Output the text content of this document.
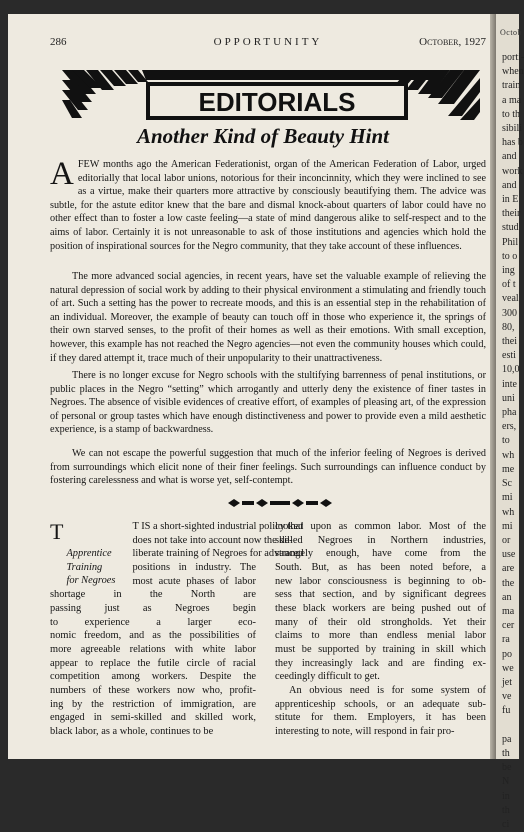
Octob
porti-
when
train
a ma
to th
sibili
has b
and
work
and
in E
their
stud
Phil
to o
ing
of t
veal
300
80,
thei
esti
10,0
inte
uni
pha
ers,
to
wh
me
Sc
mi
wh
mi
or
use
are
the
an
ma
cer
ra
po
we
jet
ve
fu

pa
th
be
N
in
th
ci
286	OPPORTUNITY	October, 1927
EDITORIALS
Another Kind of Beauty Hint

AFEW months ago the American Federationist, organ of the American Federation of Labor, urged editorially that local labor unions, notorious for their inconcinnity, which they were inclined to see as a virtue, make their quarters more attractive by consciously beautifying them. The advice was subtle, for the astute editor knew that the bare and dismal knock-about quarters of labor could have no other effect than to foster a low caste feeling—a state of mind dangerous alike to self-respect and to the aims of labor. Certainly it is not unreasonable to ask of those institutions and agencies which hold the position of inspirational sources for the Negro community, that they take account of these influences.

The more advanced social agencies, in recent years, have set the valuable example of relieving the natural depression of social work by adding to their physical environment a stimulating and friendly touch of art. Such a setting has the power to recreate moods, and this is an essential step in the rehabilitation of an individual. Moreover, the example of beauty can touch off in those who experience it, the springs of their own starved senses, to the profit of their homes as well as their emotions. With small exception, however, this example has not reached the Negro agencies—not even the community houses which could, if they dared attempt it, trace much of their unpopularity to their unattractiveness.

There is no longer excuse for Negro schools with the stultifying barrenness of penal institutions, or public places in the Negro “setting” which arrogantly and utterly deny the existence of finer tastes in Negroes. The absence of visible evidences of creative effort, of examples of pleasing art, of the expression of personal or group tastes which have enough distinctiveness and power to provide even a mild aesthetic experience, is a stamp of backwardness.

We can not escape the powerful suggestion that much of the inferior feeling of Negroes is derived from surroundings which elicit none of their finer feelings. Such surroundings can influence conduct by fostering carelessness and what is worse yet, self-contempt.

T
Apprentice
Training
for Negroes
T IS a short-sighted industrial policy that
does not take into account now the de-
liberate training of Negroes for advanced
positions in industry. The
most acute phases of labor
shortage in the North are
passing just as Negroes begin
to experience a larger eco-
nomic freedom, and as the possibilities of
more agreeable relations with white labor
appear to replace the futile circle of racial
competition among workers. Despite the
numbers of these workers now who, profit-
ing by the restriction of immigration, are
engaged in semi-skilled and skilled work,
black labor, as a whole, continues to be
looked upon as common labor. Most of the
skilled Negroes in Northern industries,
strangely enough, have come from the
South. But, as has been noted before, a
new labor consciousness is beginning to ob-
sess that section, and by significant degrees
these black workers are being pushed out of
many of their old strongholds. Yet their
claims to more than endless menial labor
must be supported by training in skill which
they increasingly lack and are finding ex-
ceedingly difficult to get.
An obvious need is for some system of
apprenticeship schools, or an adequate sub-
stitute for them. Employers, it has been
interesting to note, will respond in fair pro-
